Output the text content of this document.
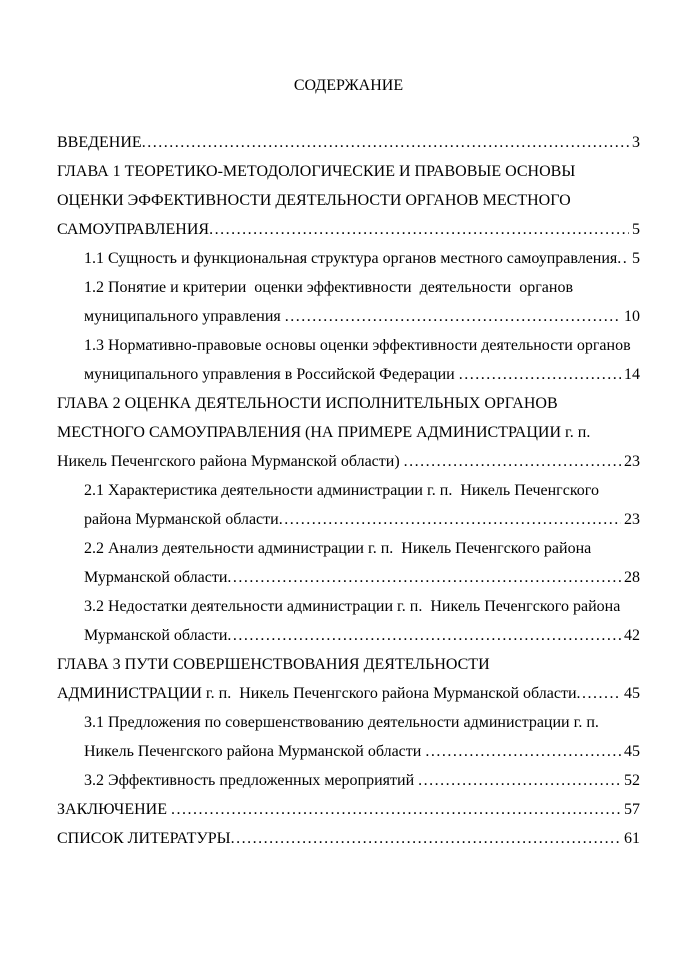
СОДЕРЖАНИЕ
ВВЕДЕНИЕ .....	3
ГЛАВА 1 ТЕОРЕТИКО-МЕТОДОЛОГИЧЕСКИЕ И ПРАВОВЫЕ ОСНОВЫ
ОЦЕНКИ ЭФФЕКТИВНОСТИ ДЕЯТЕЛЬНОСТИ ОРГАНОВ МЕСТНОГО
САМОУПРАВЛЕНИЯ .....	5
1.1 Сущность и функциональная структура органов местного самоуправления ..... 5
1.2 Понятие и критерии  оценки эффективности  деятельности  органов
муниципального управления .....	10
1.3 Нормативно-правовые основы оценки эффективности деятельности органов
муниципального управления в Российской Федерации .....	14
ГЛАВА 2 ОЦЕНКА ДЕЯТЕЛЬНОСТИ ИСПОЛНИТЕЛЬНЫХ ОРГАНОВ
МЕСТНОГО САМОУПРАВЛЕНИЯ (НА ПРИМЕРЕ АДМИНИСТРАЦИИ г. п.
Никель Печенгского района Мурманской области) .....	23
2.1 Характеристика деятельности администрации г. п.  Никель Печенгского
района Мурманской области .....	23
2.2 Анализ деятельности администрации г. п.  Никель Печенгского района
Мурманской области .....	28
3.2 Недостатки деятельности администрации г. п.  Никель Печенгского района
Мурманской области .....	42
ГЛАВА 3 ПУТИ СОВЕРШЕНСТВОВАНИЯ ДЕЯТЕЛЬНОСТИ
АДМИНИСТРАЦИИ г. п.  Никель Печенгского района Мурманской области .....	45
3.1 Предложения по совершенствованию деятельности администрации г. п.
Никель Печенгского района Мурманской области .....	45
3.2 Эффективность предложенных мероприятий .....	52
ЗАКЛЮЧЕНИЕ .....	57
СПИСОК ЛИТЕРАТУРЫ .....	61
